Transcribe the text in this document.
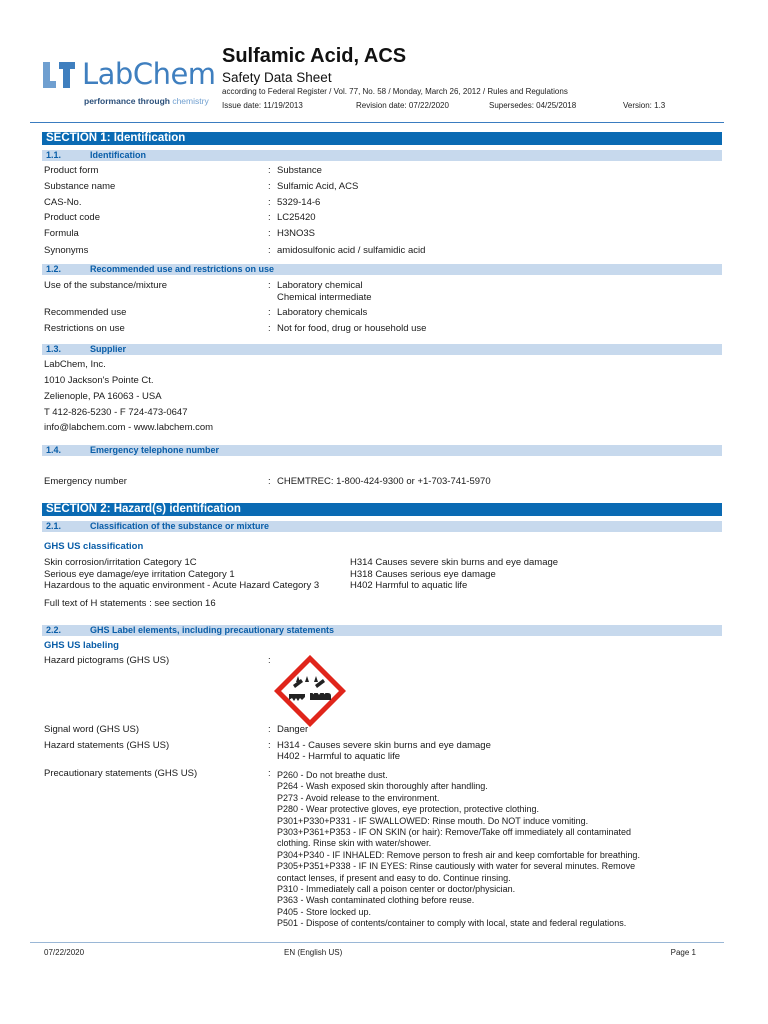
LabChem
performance through chemistry
Sulfamic Acid, ACS
Safety Data Sheet
according to Federal Register / Vol. 77, No. 58 / Monday, March 26, 2012 / Rules and Regulations
Issue date: 11/19/2013	Revision date: 07/22/2020	Supersedes: 04/25/2018	Version: 1.3
SECTION 1: Identification
1.1.	Identification
Product form	: Substance
Substance name	: Sulfamic Acid, ACS
CAS-No.	: 5329-14-6
Product code	: LC25420
Formula	: H3NO3S
Synonyms	: amidosulfonic acid / sulfamidic acid
1.2.	Recommended use and restrictions on use
Use of the substance/mixture	: Laboratory chemical
Chemical intermediate
Recommended use	: Laboratory chemicals
Restrictions on use	: Not for food, drug or household use
1.3.	Supplier
LabChem, Inc.
1010 Jackson's Pointe Ct.
Zelienople, PA 16063 - USA
T 412-826-5230 - F 724-473-0647
info@labchem.com - www.labchem.com
1.4.	Emergency telephone number
Emergency number	: CHEMTREC: 1-800-424-9300 or +1-703-741-5970
SECTION 2: Hazard(s) identification
2.1.	Classification of the substance or mixture
GHS US classification
Skin corrosion/irritation Category 1C	H314 Causes severe skin burns and eye damage
Serious eye damage/eye irritation Category 1	H318 Causes serious eye damage
Hazardous to the aquatic environment - Acute Hazard Category 3	H402 Harmful to aquatic life
Full text of H statements : see section 16
2.2.	GHS Label elements, including precautionary statements
GHS US labeling
Hazard pictograms (GHS US)	:
Signal word (GHS US)	: Danger
Hazard statements (GHS US)	: H314 - Causes severe skin burns and eye damage
H402 - Harmful to aquatic life
Precautionary statements (GHS US)	: P260 - Do not breathe dust.
P264 - Wash exposed skin thoroughly after handling.
P273 - Avoid release to the environment.
P280 - Wear protective gloves, eye protection, protective clothing.
P301+P330+P331 - IF SWALLOWED: Rinse mouth. Do NOT induce vomiting.
P303+P361+P353 - IF ON SKIN (or hair): Remove/Take off immediately all contaminated
clothing. Rinse skin with water/shower.
P304+P340 - IF INHALED: Remove person to fresh air and keep comfortable for breathing.
P305+P351+P338 - IF IN EYES: Rinse cautiously with water for several minutes. Remove
contact lenses, if present and easy to do. Continue rinsing.
P310 - Immediately call a poison center or doctor/physician.
P363 - Wash contaminated clothing before reuse.
P405 - Store locked up.
P501 - Dispose of contents/container to comply with local, state and federal regulations.
07/22/2020	EN (English US)	Page 1
